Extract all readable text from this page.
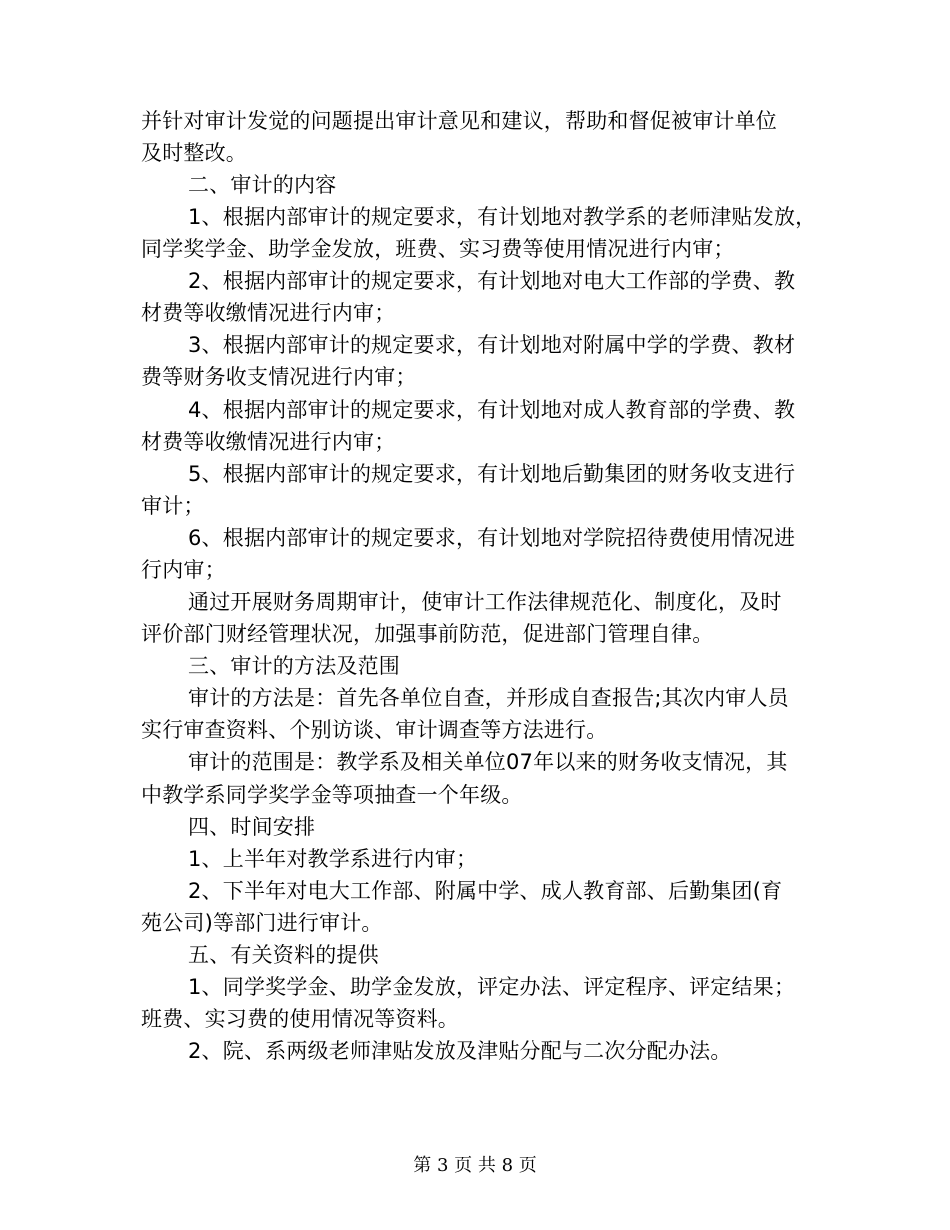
并针对审计发觉的问题提出审计意见和建议，帮助和督促被审计单位
及时整改。
二、审计的内容
1、根据内部审计的规定要求，有计划地对教学系的老师津贴发放，
同学奖学金、助学金发放，班费、实习费等使用情况进行内审；
2、根据内部审计的规定要求，有计划地对电大工作部的学费、教
材费等收缴情况进行内审；
3、根据内部审计的规定要求，有计划地对附属中学的学费、教材
费等财务收支情况进行内审；
4、根据内部审计的规定要求，有计划地对成人教育部的学费、教
材费等收缴情况进行内审；
5、根据内部审计的规定要求，有计划地后勤集团的财务收支进行
审计；
6、根据内部审计的规定要求，有计划地对学院招待费使用情况进
行内审；
通过开展财务周期审计，使审计工作法律规范化、制度化，及时
评价部门财经管理状况，加强事前防范，促进部门管理自律。
三、审计的方法及范围
审计的方法是：首先各单位自查，并形成自查报告;其次内审人员
实行审查资料、个别访谈、审计调查等方法进行。
审计的范围是：教学系及相关单位07年以来的财务收支情况，其
中教学系同学奖学金等项抽查一个年级。
四、时间安排
1、上半年对教学系进行内审；
2、下半年对电大工作部、附属中学、成人教育部、后勤集团(育
苑公司)等部门进行审计。
五、有关资料的提供
1、同学奖学金、助学金发放，评定办法、评定程序、评定结果；
班费、实习费的使用情况等资料。
2、院、系两级老师津贴发放及津贴分配与二次分配办法。
第 3 页 共 8 页
